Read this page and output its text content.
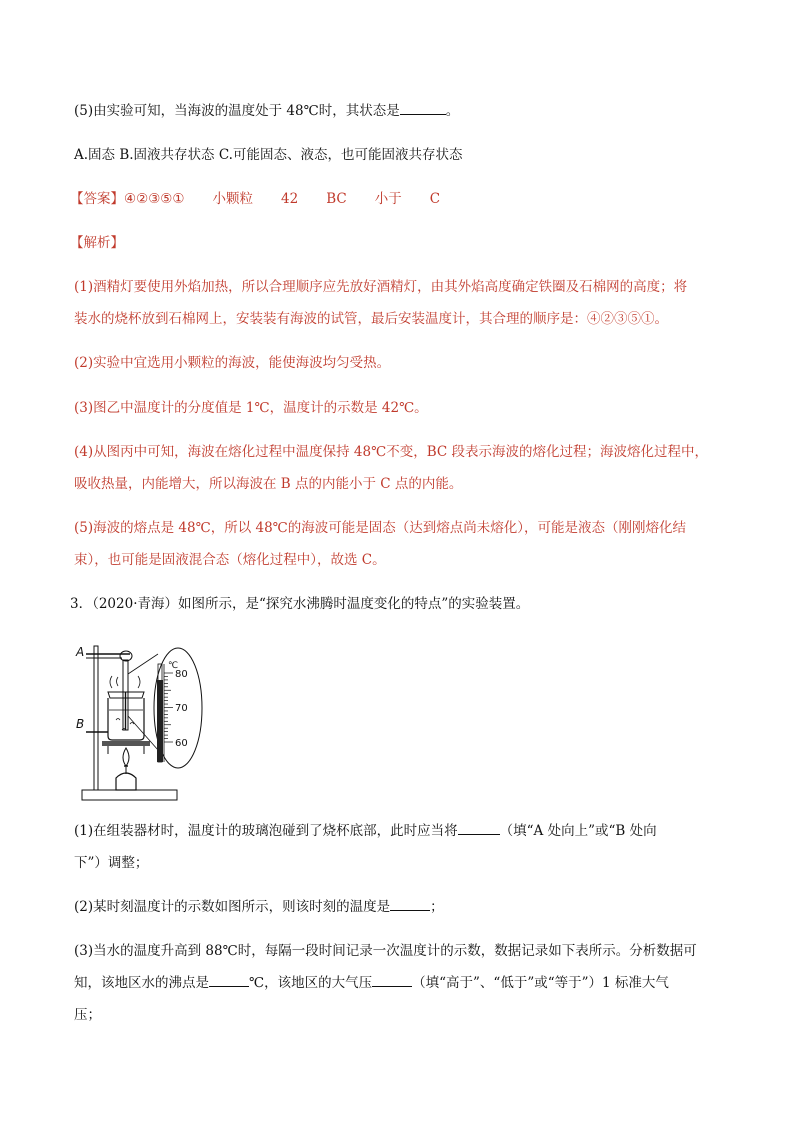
(5)由实验可知，当海波的温度处于 48℃时，其状态是	。
A.固态 B.固液共存状态 C.可能固态、液态，也可能固液共存状态
【答案】④②③⑤① 小颗粒 42 BC 小于 C
【解析】
(1)酒精灯要使用外焰加热，所以合理顺序应先放好酒精灯，由其外焰高度确定铁圈及石棉网的高度；将
装水的烧杯放到石棉网上，安装装有海波的试管，最后安装温度计，其合理的顺序是：④②③⑤①。
(2)实验中宜选用小颗粒的海波，能使海波均匀受热。
(3)图乙中温度计的分度值是 1℃，温度计的示数是 42℃。
(4)从图丙中可知，海波在熔化过程中温度保持 48℃不变，BC 段表示海波的熔化过程；海波熔化过程中，
吸收热量，内能增大，所以海波在 B 点的内能小于 C 点的内能。
(5)海波的熔点是 48℃，所以 48℃的海波可能是固态（达到熔点尚未熔化），可能是液态（刚刚熔化结
束），也可能是固液混合态（熔化过程中），故选 C。
3．（2020·青海）如图所示，是“探究水沸腾时温度变化的特点”的实验装置。
A
B
℃
80
70
60
(1)在组装器材时，温度计的玻璃泡碰到了烧杯底部，此时应当将	（填“A 处向上”或“B 处向
下”）调整；
(2)某时刻温度计的示数如图所示，则该时刻的温度是	；
(3)当水的温度升高到 88℃时，每隔一段时间记录一次温度计的示数，数据记录如下表所示。分析数据可
知，该地区水的沸点是	℃，该地区的大气压	（填“高于”、“低于”或“等于”）1 标准大气
压；
